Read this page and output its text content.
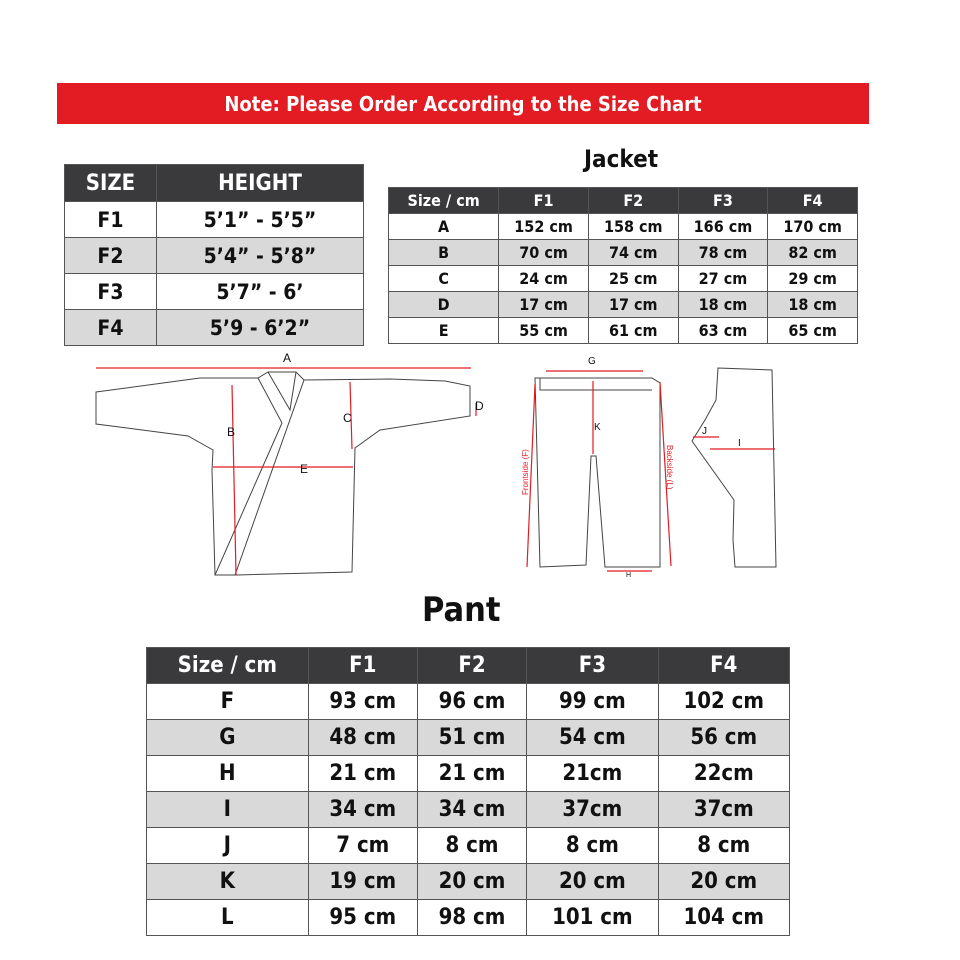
Note: Please Order According to the Size Chart
SIZE	HEIGHT
F1	5’1” - 5’5”
F2	5’4” - 5’8”
F3	5’7” - 6’
F4	5’9 - 6’2”
Jacket
Size / cm	F1	F2	F3	F4
A	152 cm	158 cm	166 cm	170 cm
B	70 cm	74 cm	78 cm	82 cm
C	24 cm	25 cm	27 cm	29 cm
D	17 cm	17 cm	18 cm	18 cm
E	55 cm	61 cm	63 cm	65 cm
A
B
C
D
E
G
K
H
J
I
Frontside (F)	Backside (L)
Pant
Size / cm	F1	F2	F3	F4
F	93 cm	96 cm	99 cm	102 cm
G	48 cm	51 cm	54 cm	56 cm
H	21 cm	21 cm	21cm	22cm
I	34 cm	34 cm	37cm	37cm
J	7 cm	8 cm	8 cm	8 cm
K	19 cm	20 cm	20 cm	20 cm
L	95 cm	98 cm	101 cm	104 cm
